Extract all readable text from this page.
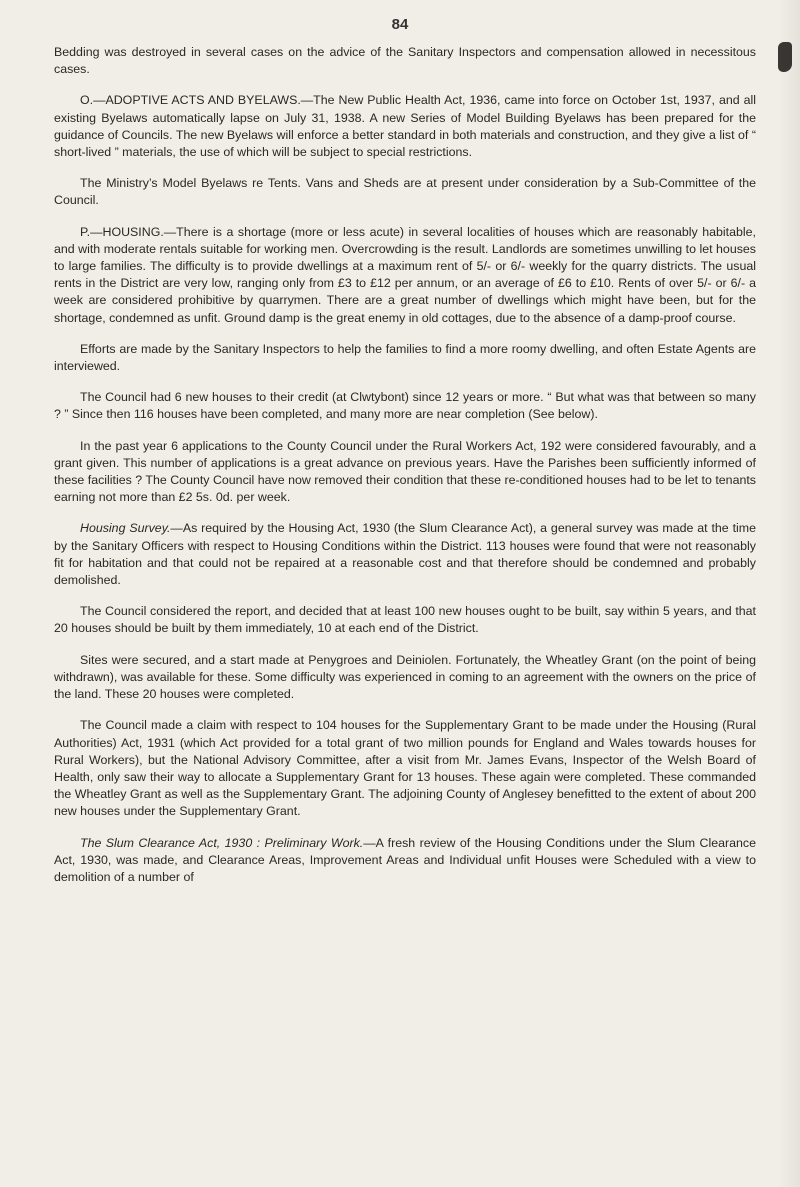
84

Bedding was destroyed in several cases on the advice of the Sanitary Inspectors and compensation allowed in necessitous cases.

O.—ADOPTIVE ACTS AND BYELAWS.—The New Public Health Act, 1936, came into force on October 1st, 1937, and all existing Byelaws automatically lapse on July 31, 1938. A new Series of Model Building Byelaws has been prepared for the guidance of Councils. The new Byelaws will enforce a better standard in both materials and construction, and they give a list of “ short-lived ” materials, the use of which will be subject to special restrictions.

The Ministry’s Model Byelaws re Tents. Vans and Sheds are at present under consideration by a Sub-Committee of the Council.

P.—HOUSING.—There is a shortage (more or less acute) in several localities of houses which are reasonably habitable, and with moderate rentals suitable for working men. Overcrowding is the result. Landlords are sometimes unwilling to let houses to large families. The difficulty is to provide dwellings at a maximum rent of 5/- or 6/- weekly for the quarry districts. The usual rents in the District are very low, ranging only from £3 to £12 per annum, or an average of £6 to £10. Rents of over 5/- or 6/- a week are considered prohibitive by quarrymen. There are a great number of dwellings which might have been, but for the shortage, condemned as unfit. Ground damp is the great enemy in old cottages, due to the absence of a damp-proof course.

Efforts are made by the Sanitary Inspectors to help the families to find a more roomy dwelling, and often Estate Agents are interviewed.

The Council had 6 new houses to their credit (at Clwtybont) since 12 years or more. “ But what was that between so many ? ” Since then 116 houses have been completed, and many more are near completion (See below).

In the past year 6 applications to the County Council under the Rural Workers Act, 192 were considered favourably, and a grant given. This number of applications is a great advance on previous years. Have the Parishes been sufficiently informed of these facilities ? The County Council have now removed their condition that these re-conditioned houses had to be let to tenants earning not more than £2 5s. 0d. per week.

Housing Survey.—As required by the Housing Act, 1930 (the Slum Clearance Act), a general survey was made at the time by the Sanitary Officers with respect to Housing Conditions within the District. 113 houses were found that were not reasonably fit for habitation and that could not be repaired at a reasonable cost and that therefore should be condemned and probably demolished.

The Council considered the report, and decided that at least 100 new houses ought to be built, say within 5 years, and that 20 houses should be built by them immediately, 10 at each end of the District.

Sites were secured, and a start made at Penygroes and Deiniolen. Fortunately, the Wheatley Grant (on the point of being withdrawn), was available for these. Some difficulty was experienced in coming to an agreement with the owners on the price of the land. These 20 houses were completed.

The Council made a claim with respect to 104 houses for the Supplementary Grant to be made under the Housing (Rural Authorities) Act, 1931 (which Act provided for a total grant of two million pounds for England and Wales towards houses for Rural Workers), but the National Advisory Committee, after a visit from Mr. James Evans, Inspector of the Welsh Board of Health, only saw their way to allocate a Supplementary Grant for 13 houses. These again were completed. These commanded the Wheatley Grant as well as the Supplementary Grant. The adjoining County of Anglesey benefitted to the extent of about 200 new houses under the Supplementary Grant.

The Slum Clearance Act, 1930 : Preliminary Work.—A fresh review of the Housing Conditions under the Slum Clearance Act, 1930, was made, and Clearance Areas, Improvement Areas and Individual unfit Houses were Scheduled with a view to demolition of a number of
